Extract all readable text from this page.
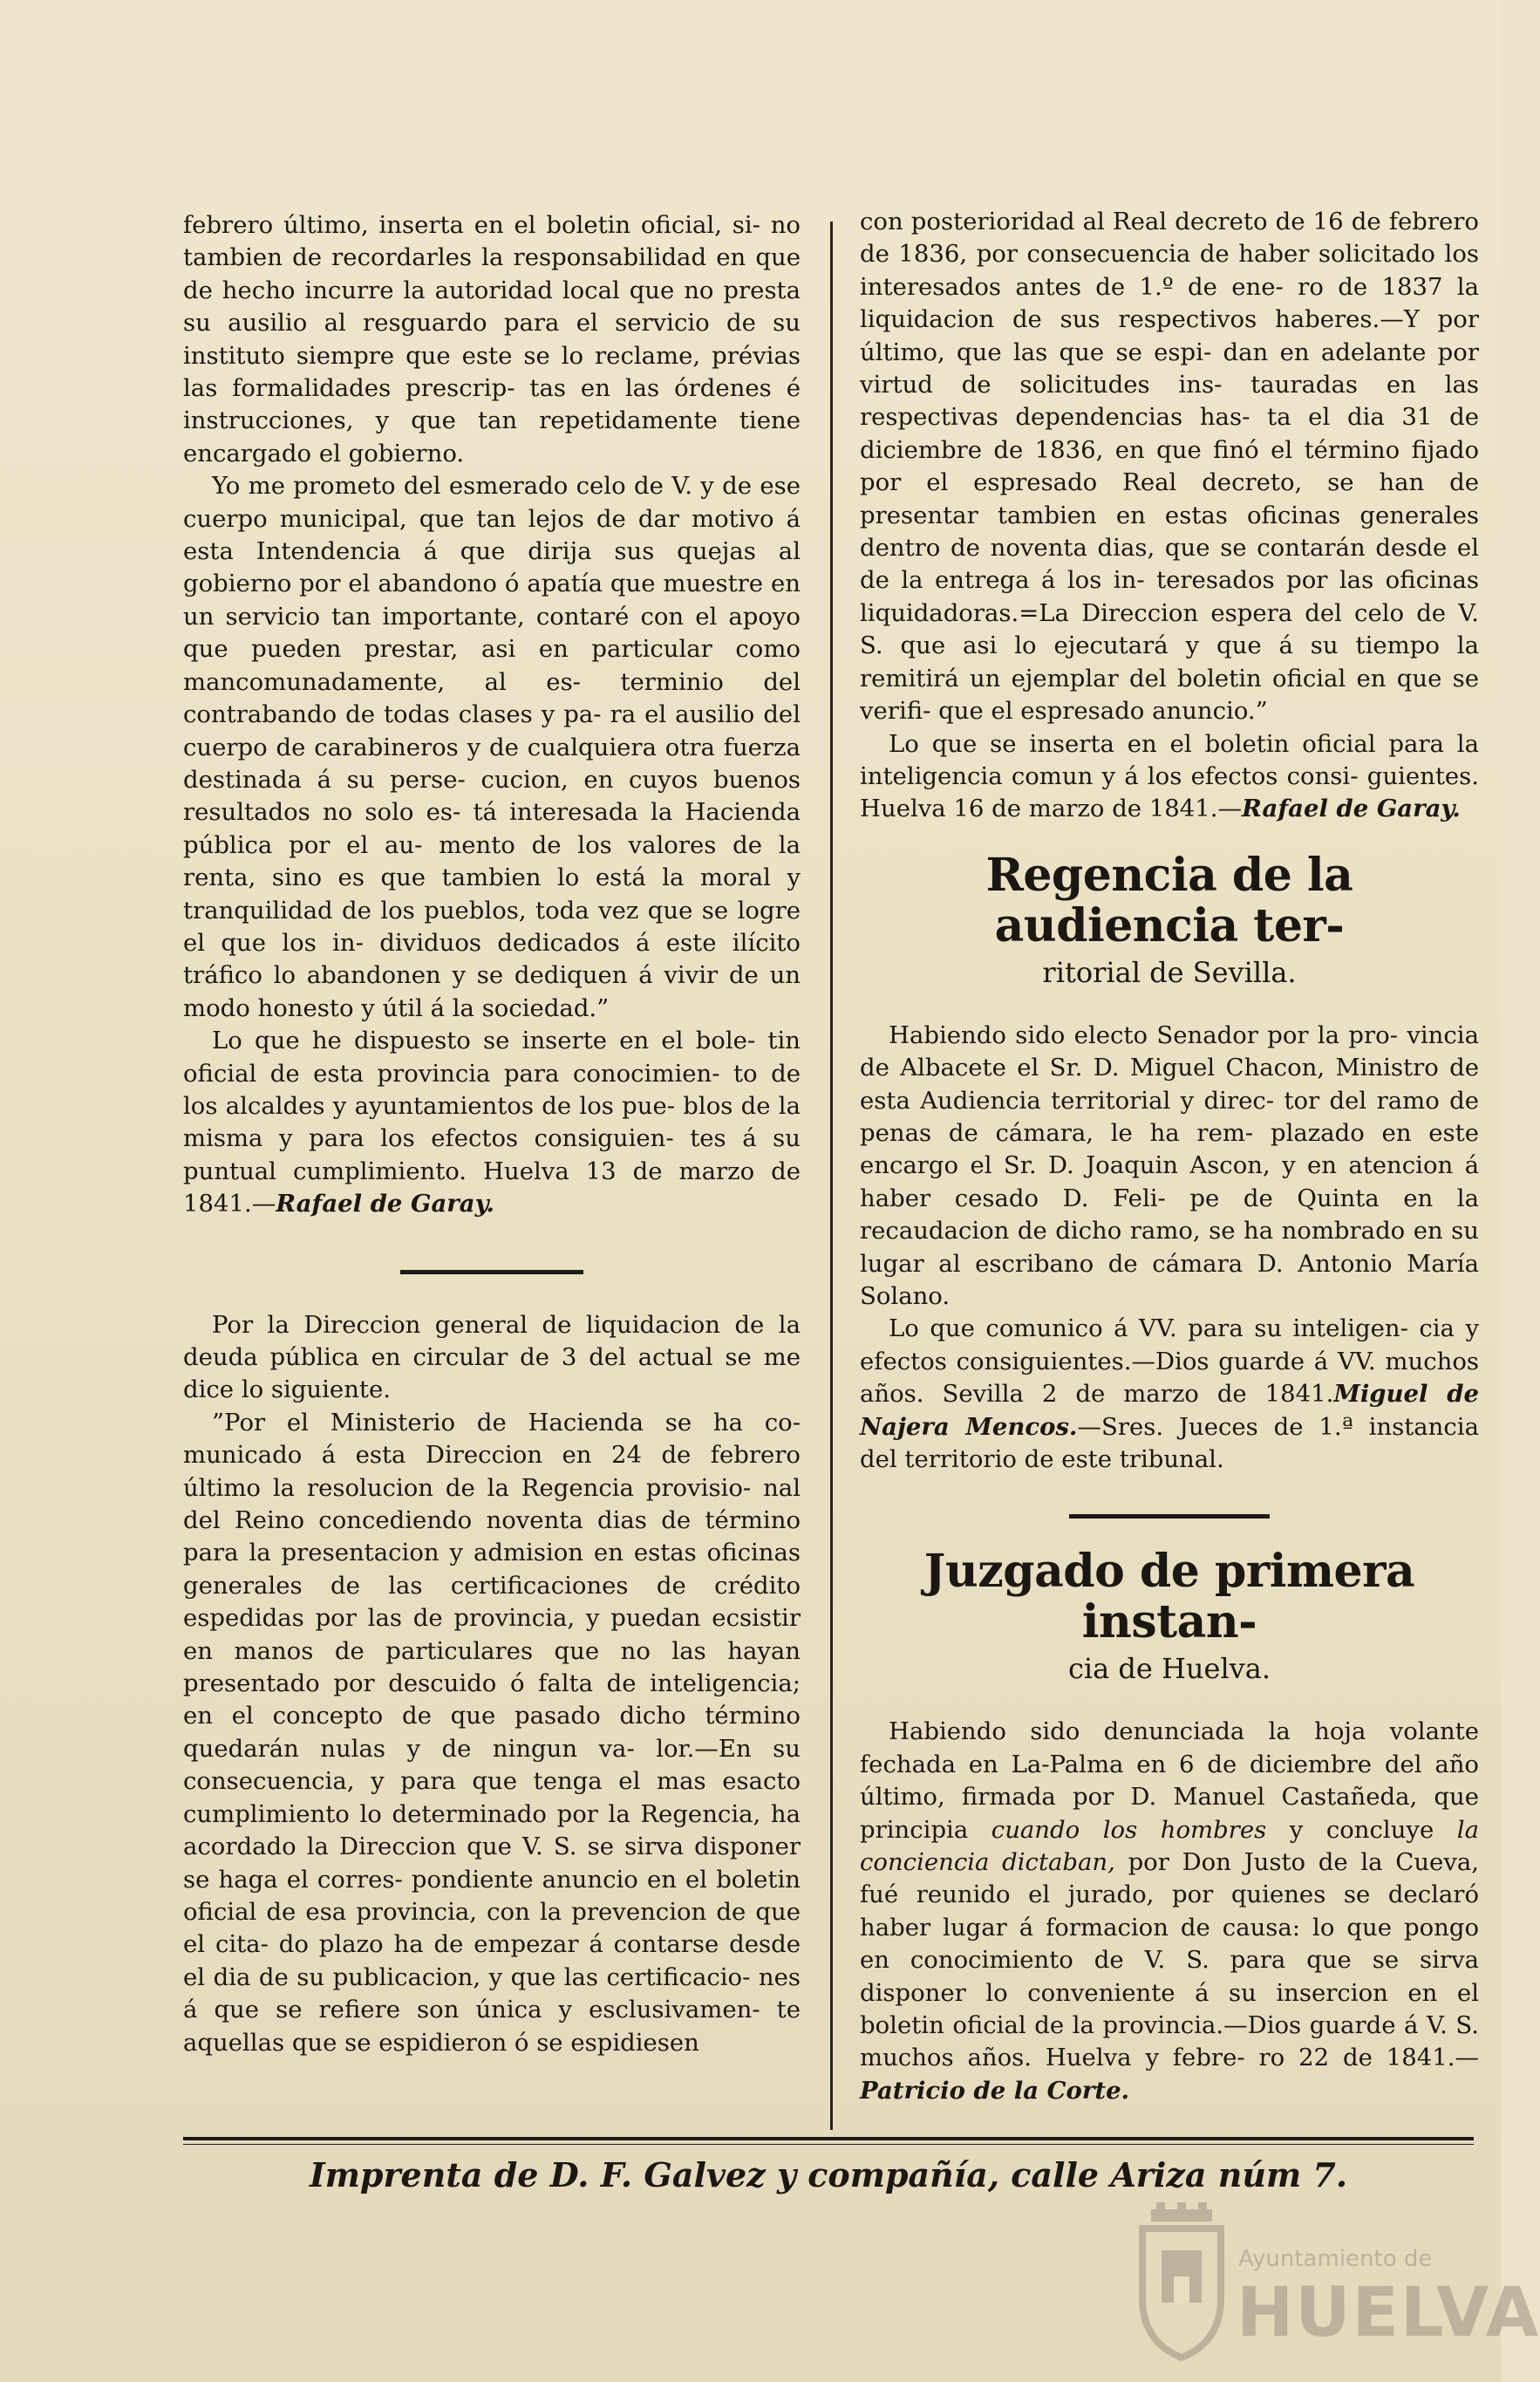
febrero último, inserta en el boletin oficial, si- no tambien de recordarles la responsabilidad en que de hecho incurre la autoridad local que no presta su ausilio al resguardo para el servicio de su instituto siempre que este se lo reclame, prévias las formalidades prescrip- tas en las órdenes é instrucciones, y que tan repetidamente tiene encargado el gobierno.

Yo me prometo del esmerado celo de V. y de ese cuerpo municipal, que tan lejos de dar motivo á esta Intendencia á que dirija sus quejas al gobierno por el abandono ó apatía que muestre en un servicio tan importante, contaré con el apoyo que pueden prestar, asi en particular como mancomunadamente, al es- terminio del contrabando de todas clases y pa- ra el ausilio del cuerpo de carabineros y de cualquiera otra fuerza destinada á su perse- cucion, en cuyos buenos resultados no solo es- tá interesada la Hacienda pública por el au- mento de los valores de la renta, sino es que tambien lo está la moral y tranquilidad de los pueblos, toda vez que se logre el que los in- dividuos dedicados á este ilícito tráfico lo abandonen y se dediquen á vivir de un modo honesto y útil á la sociedad.”

Lo que he dispuesto se inserte en el bole- tin oficial de esta provincia para conocimien- to de los alcaldes y ayuntamientos de los pue- blos de la misma y para los efectos consiguien- tes á su puntual cumplimiento. Huelva 13 de marzo de 1841.—Rafael de Garay.

Por la Direccion general de liquidacion de la deuda pública en circular de 3 del actual se me dice lo siguiente.

”Por el Ministerio de Hacienda se ha co- municado á esta Direccion en 24 de febrero último la resolucion de la Regencia provisio- nal del Reino concediendo noventa dias de término para la presentacion y admision en estas oficinas generales de las certificaciones de crédito espedidas por las de provincia, y puedan ecsistir en manos de particulares que no las hayan presentado por descuido ó falta de inteligencia; en el concepto de que pasado dicho término quedarán nulas y de ningun va- lor.—En su consecuencia, y para que tenga el mas esacto cumplimiento lo determinado por la Regencia, ha acordado la Direccion que V. S. se sirva disponer se haga el corres- pondiente anuncio en el boletin oficial de esa provincia, con la prevencion de que el cita- do plazo ha de empezar á contarse desde el dia de su publicacion, y que las certificacio- nes á que se refiere son única y esclusivamen- te aquellas que se espidieron ó se espidiesen

con posterioridad al Real decreto de 16 de febrero de 1836, por consecuencia de haber solicitado los interesados antes de 1.º de ene- ro de 1837 la liquidacion de sus respectivos haberes.—Y por último, que las que se espi- dan en adelante por virtud de solicitudes ins- tauradas en las respectivas dependencias has- ta el dia 31 de diciembre de 1836, en que finó el término fijado por el espresado Real decreto, se han de presentar tambien en estas oficinas generales dentro de noventa dias, que se contarán desde el de la entrega á los in- teresados por las oficinas liquidadoras.=La Direccion espera del celo de V. S. que asi lo ejecutará y que á su tiempo la remitirá un ejemplar del boletin oficial en que se verifi- que el espresado anuncio.”

Lo que se inserta en el boletin oficial para la inteligencia comun y á los efectos consi- guientes. Huelva 16 de marzo de 1841.—Rafael de Garay.

Regencia de la audiencia ter-
ritorial de Sevilla.

Habiendo sido electo Senador por la pro- vincia de Albacete el Sr. D. Miguel Chacon, Ministro de esta Audiencia territorial y direc- tor del ramo de penas de cámara, le ha rem- plazado en este encargo el Sr. D. Joaquin Ascon, y en atencion á haber cesado D. Feli- pe de Quinta en la recaudacion de dicho ramo, se ha nombrado en su lugar al escribano de cámara D. Antonio María Solano.

Lo que comunico á VV. para su inteligen- cia y efectos consiguientes.—Dios guarde á VV. muchos años. Sevilla 2 de marzo de 1841.Miguel de Najera Mencos.—Sres. Jueces de 1.ª instancia del territorio de este tribunal.

Juzgado de primera instan-
cia de Huelva.

Habiendo sido denunciada la hoja volante fechada en La-Palma en 6 de diciembre del año último, firmada por D. Manuel Castañeda, que principia cuando los hombres y concluye la conciencia dictaban, por Don Justo de la Cueva, fué reunido el jurado, por quienes se declaró haber lugar á formacion de causa: lo que pongo en conocimiento de V. S. para que se sirva disponer lo conveniente á su insercion en el boletin oficial de la provincia.—Dios guarde á V. S. muchos años. Huelva y febre- ro 22 de 1841.—Patricio de la Corte.

Imprenta de D. F. Galvez y compañía, calle Ariza núm 7.
Ayuntamiento de
HUELVA
